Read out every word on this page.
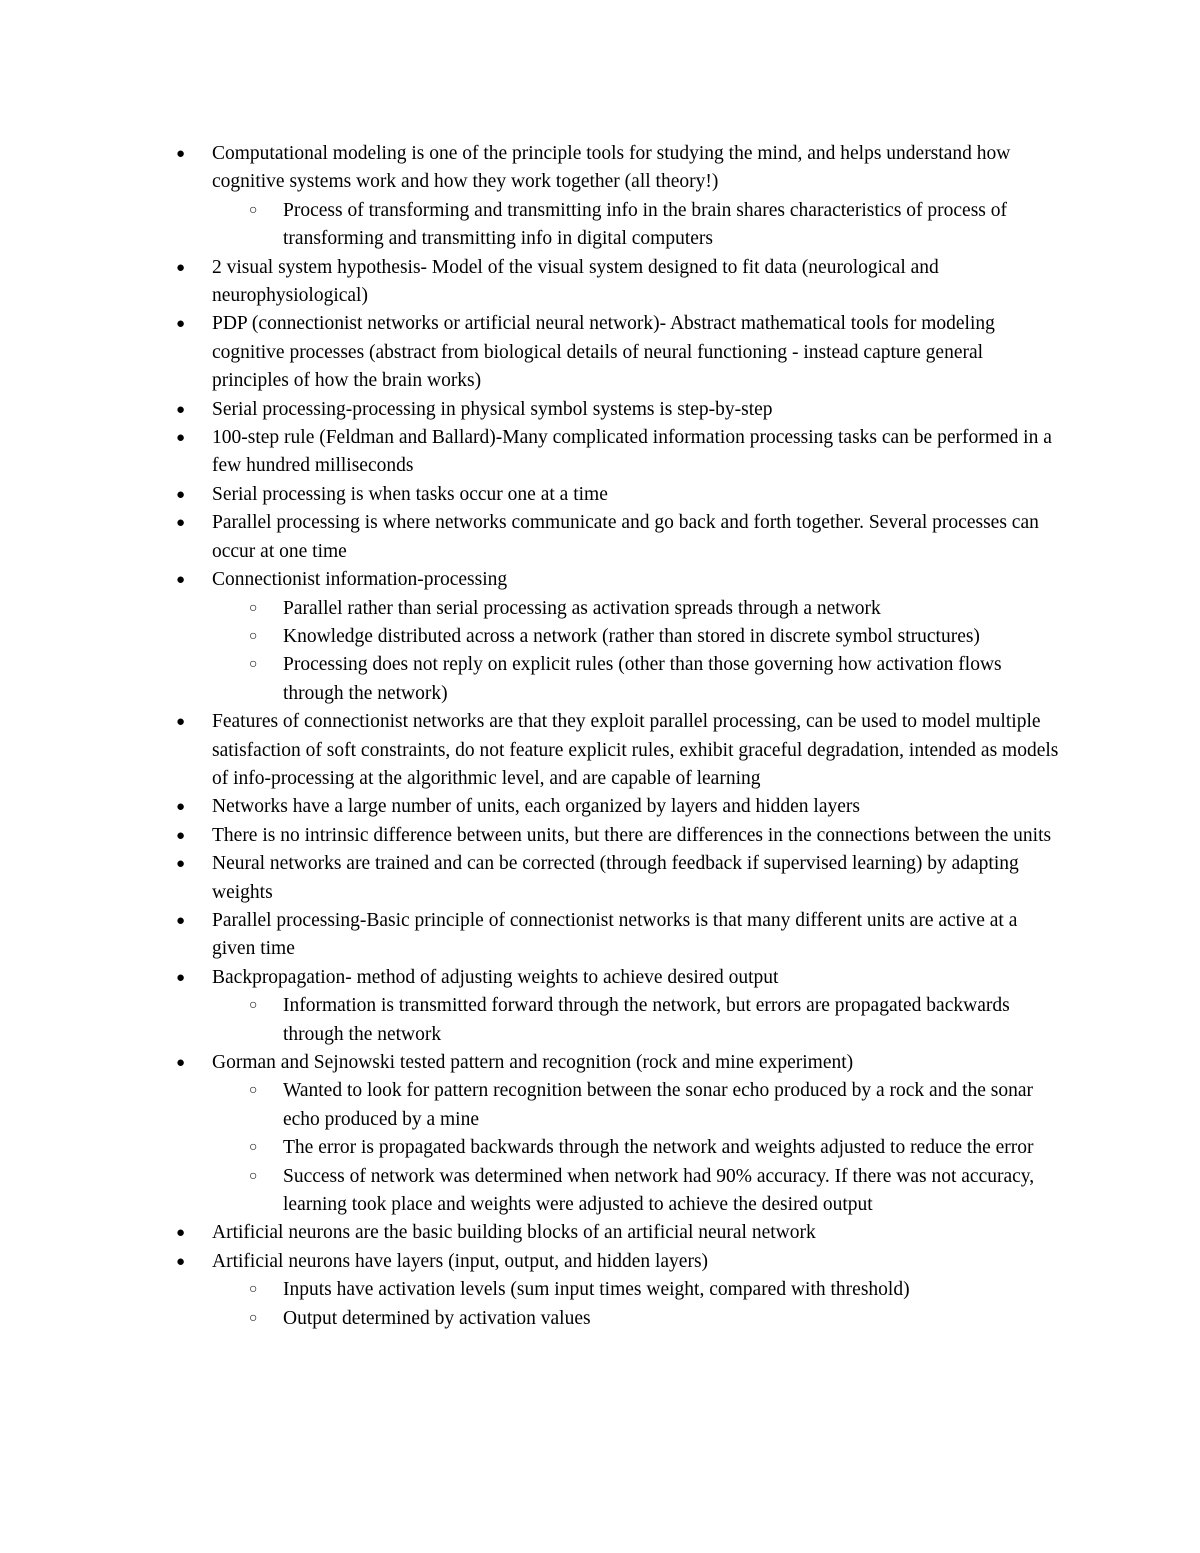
● Computational modeling is one of the principle tools for studying the mind, and helps understand how cognitive systems work and how they work together (all theory!)
○ Process of transforming and transmitting info in the brain shares characteristics of process of transforming and transmitting info in digital computers
● 2 visual system hypothesis- Model of the visual system designed to fit data (neurological and neurophysiological)
● PDP (connectionist networks or artificial neural network)- Abstract mathematical tools for modeling cognitive processes (abstract from biological details of neural functioning - instead capture general principles of how the brain works)
● Serial processing-processing in physical symbol systems is step-by-step
● 100-step rule (Feldman and Ballard)-Many complicated information processing tasks can be performed in a few hundred milliseconds
● Serial processing is when tasks occur one at a time
● Parallel processing is where networks communicate and go back and forth together. Several processes can occur at one time
● Connectionist information-processing
○ Parallel rather than serial processing as activation spreads through a network
○ Knowledge distributed across a network (rather than stored in discrete symbol structures)
○ Processing does not reply on explicit rules (other than those governing how activation flows through the network)
● Features of connectionist networks are that they exploit parallel processing, can be used to model multiple satisfaction of soft constraints, do not feature explicit rules, exhibit graceful degradation, intended as models of info-processing at the algorithmic level, and are capable of learning
● Networks have a large number of units, each organized by layers and hidden layers
● There is no intrinsic difference between units, but there are differences in the connections between the units
● Neural networks are trained and can be corrected (through feedback if supervised learning) by adapting weights
● Parallel processing-Basic principle of connectionist networks is that many different units are active at a given time
● Backpropagation- method of adjusting weights to achieve desired output
○ Information is transmitted forward through the network, but errors are propagated backwards through the network
● Gorman and Sejnowski tested pattern and recognition (rock and mine experiment)
○ Wanted to look for pattern recognition between the sonar echo produced by a rock and the sonar echo produced by a mine
○ The error is propagated backwards through the network and weights adjusted to reduce the error
○ Success of network was determined when network had 90% accuracy. If there was not accuracy, learning took place and weights were adjusted to achieve the desired output
● Artificial neurons are the basic building blocks of an artificial neural network
● Artificial neurons have layers (input, output, and hidden layers)
○ Inputs have activation levels (sum input times weight, compared with threshold)
○ Output determined by activation values
